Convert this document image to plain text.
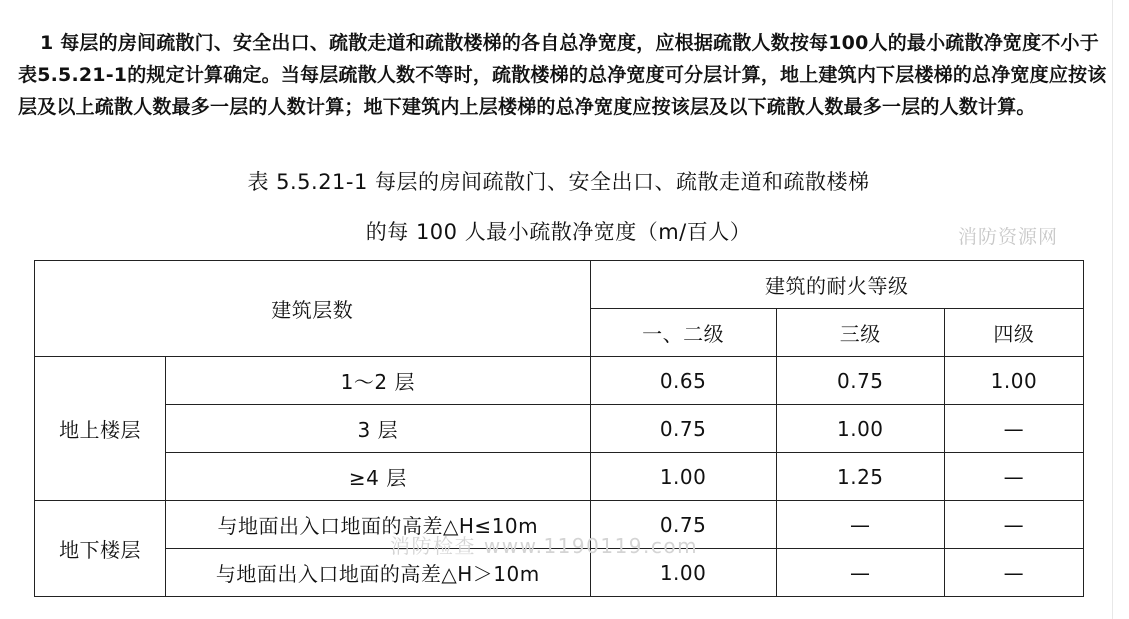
1 每层的房间疏散门、安全出口、疏散走道和疏散楼梯的各自总净宽度，应根据疏散人数按每100人的最小疏散净宽度不小于表5.5.21-1的规定计算确定。当每层疏散人数不等时，疏散楼梯的总净宽度可分层计算，地上建筑内下层楼梯的总净宽度应按该层及以上疏散人数最多一层的人数计算；地下建筑内上层楼梯的总净宽度应按该层及以下疏散人数最多一层的人数计算。

表 5.5.21-1 每层的房间疏散门、安全出口、疏散走道和疏散楼梯
的每 100 人最小疏散净宽度（m/百人）	消防资源网
消防检查 www.1190119.com
建筑层数		建筑的耐火等级		
		一、二级	三级	四级
地上楼层	1～2 层	0.65	0.75	1.00
	3 层	0.75	1.00	—
	≥4 层	1.00	1.25	—
地下楼层	与地面出入口地面的高差△H≤10m	0.75	—	—
	与地面出入口地面的高差△H＞10m	1.00	—	—
